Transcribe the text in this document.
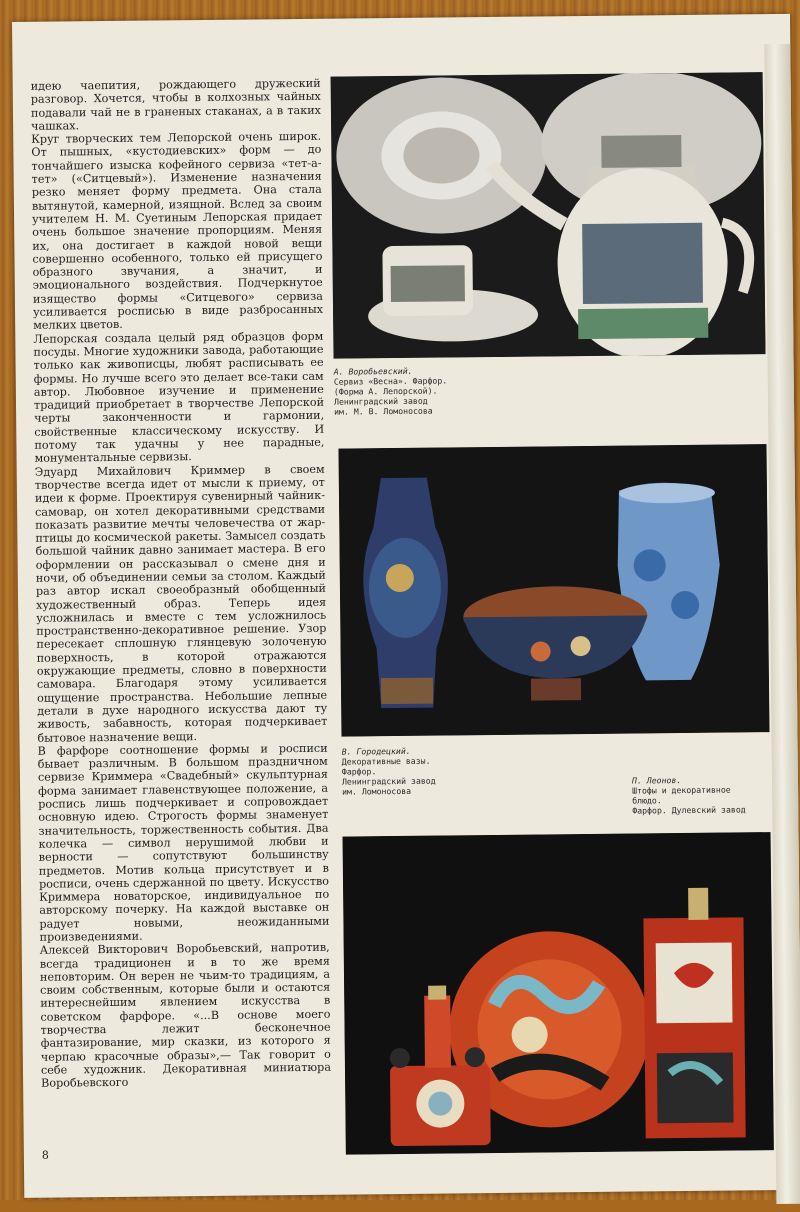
идею чаепития, рождающего дружеский разговор. Хочется, чтобы в колхозных чайных подавали чай не в граненых стаканах, а в таких чашках.

Круг творческих тем Лепорской очень широк. От пышных, «кустодиевских» форм — до тончайшего изыска кофейного сервиза «тет-а-тет» («Ситцевый»). Изменение назначения резко меняет форму предмета. Она стала вытянутой, камерной, изящной. Вслед за своим учителем Н. М. Суетиным Лепорская придает очень большое значение пропорциям. Меняя их, она достигает в каждой новой вещи совершенно особенного, только ей присущего образного звучания, а значит, и эмоционального воздействия. Подчеркнутое изящество формы «Ситцевого» сервиза усиливается росписью в виде разбросанных мелких цветов.

Лепорская создала целый ряд образцов форм посуды. Многие художники завода, работающие только как живописцы, любят расписывать ее формы. Но лучше всего это делает все-таки сам автор. Любовное изучение и применение традиций приобретает в творчестве Лепорской черты законченности и гармонии, свойственные классическому искусству. И потому так удачны у нее парадные, монументальные сервизы.

Эдуард Михайлович Криммер в своем творчестве всегда идет от мысли к приему, от идеи к форме. Проектируя сувенирный чайник-самовар, он хотел декоративными средствами показать развитие мечты человечества от жар-птицы до космической ракеты. Замысел создать большой чайник давно занимает мастера. В его оформлении он рассказывал о смене дня и ночи, об объединении семьи за столом. Каждый раз автор искал своеобразный обобщенный художественный образ. Теперь идея усложнилась и вместе с тем усложнилось пространственно-декоративное решение. Узор пересекает сплошную глянцевую золоченую поверхность, в которой отражаются окружающие предметы, словно в поверхности самовара. Благодаря этому усиливается ощущение пространства. Небольшие лепные детали в духе народного искусства дают ту живость, забавность, которая подчеркивает бытовое назначение вещи.

В фарфоре соотношение формы и росписи бывает различным. В большом праздничном сервизе Криммера «Свадебный» скульптурная форма занимает главенствующее положение, а роспись лишь подчеркивает и сопровождает основную идею. Строгость формы знаменует значительность, торжественность события. Два колечка — символ нерушимой любви и верности — сопутствуют большинству предметов. Мотив кольца присутствует и в росписи, очень сдержанной по цвету. Искусство Криммера новаторское, индивидуальное по авторскому почерку. На каждой выставке он радует новыми, неожиданными произведениями.

Алексей Викторович Воробьевский, напротив, всегда традиционен и в то же время неповторим. Он верен не чьим-то традициям, а своим собственным, которые были и остаются интереснейшим явлением искусства в советском фарфоре. «...В основе моего творчества лежит бесконечное фантазирование, мир сказки, из которого я черпаю красочные образы»,— Так говорит о себе художник. Декоративная миниатюра Воробьевского

А. Воробьевский.
Сервиз «Весна». Фарфор.
(Форма А. Лепорской).
Ленинградский завод
им. М. В. Ломоносова
В. Городецкий.
Декоративные вазы.
Фарфор.
Ленинградский завод
им. Ломоносова
П. Леонов.
Штофы и декоративное
блюдо.
Фарфор. Дулевский завод
8
